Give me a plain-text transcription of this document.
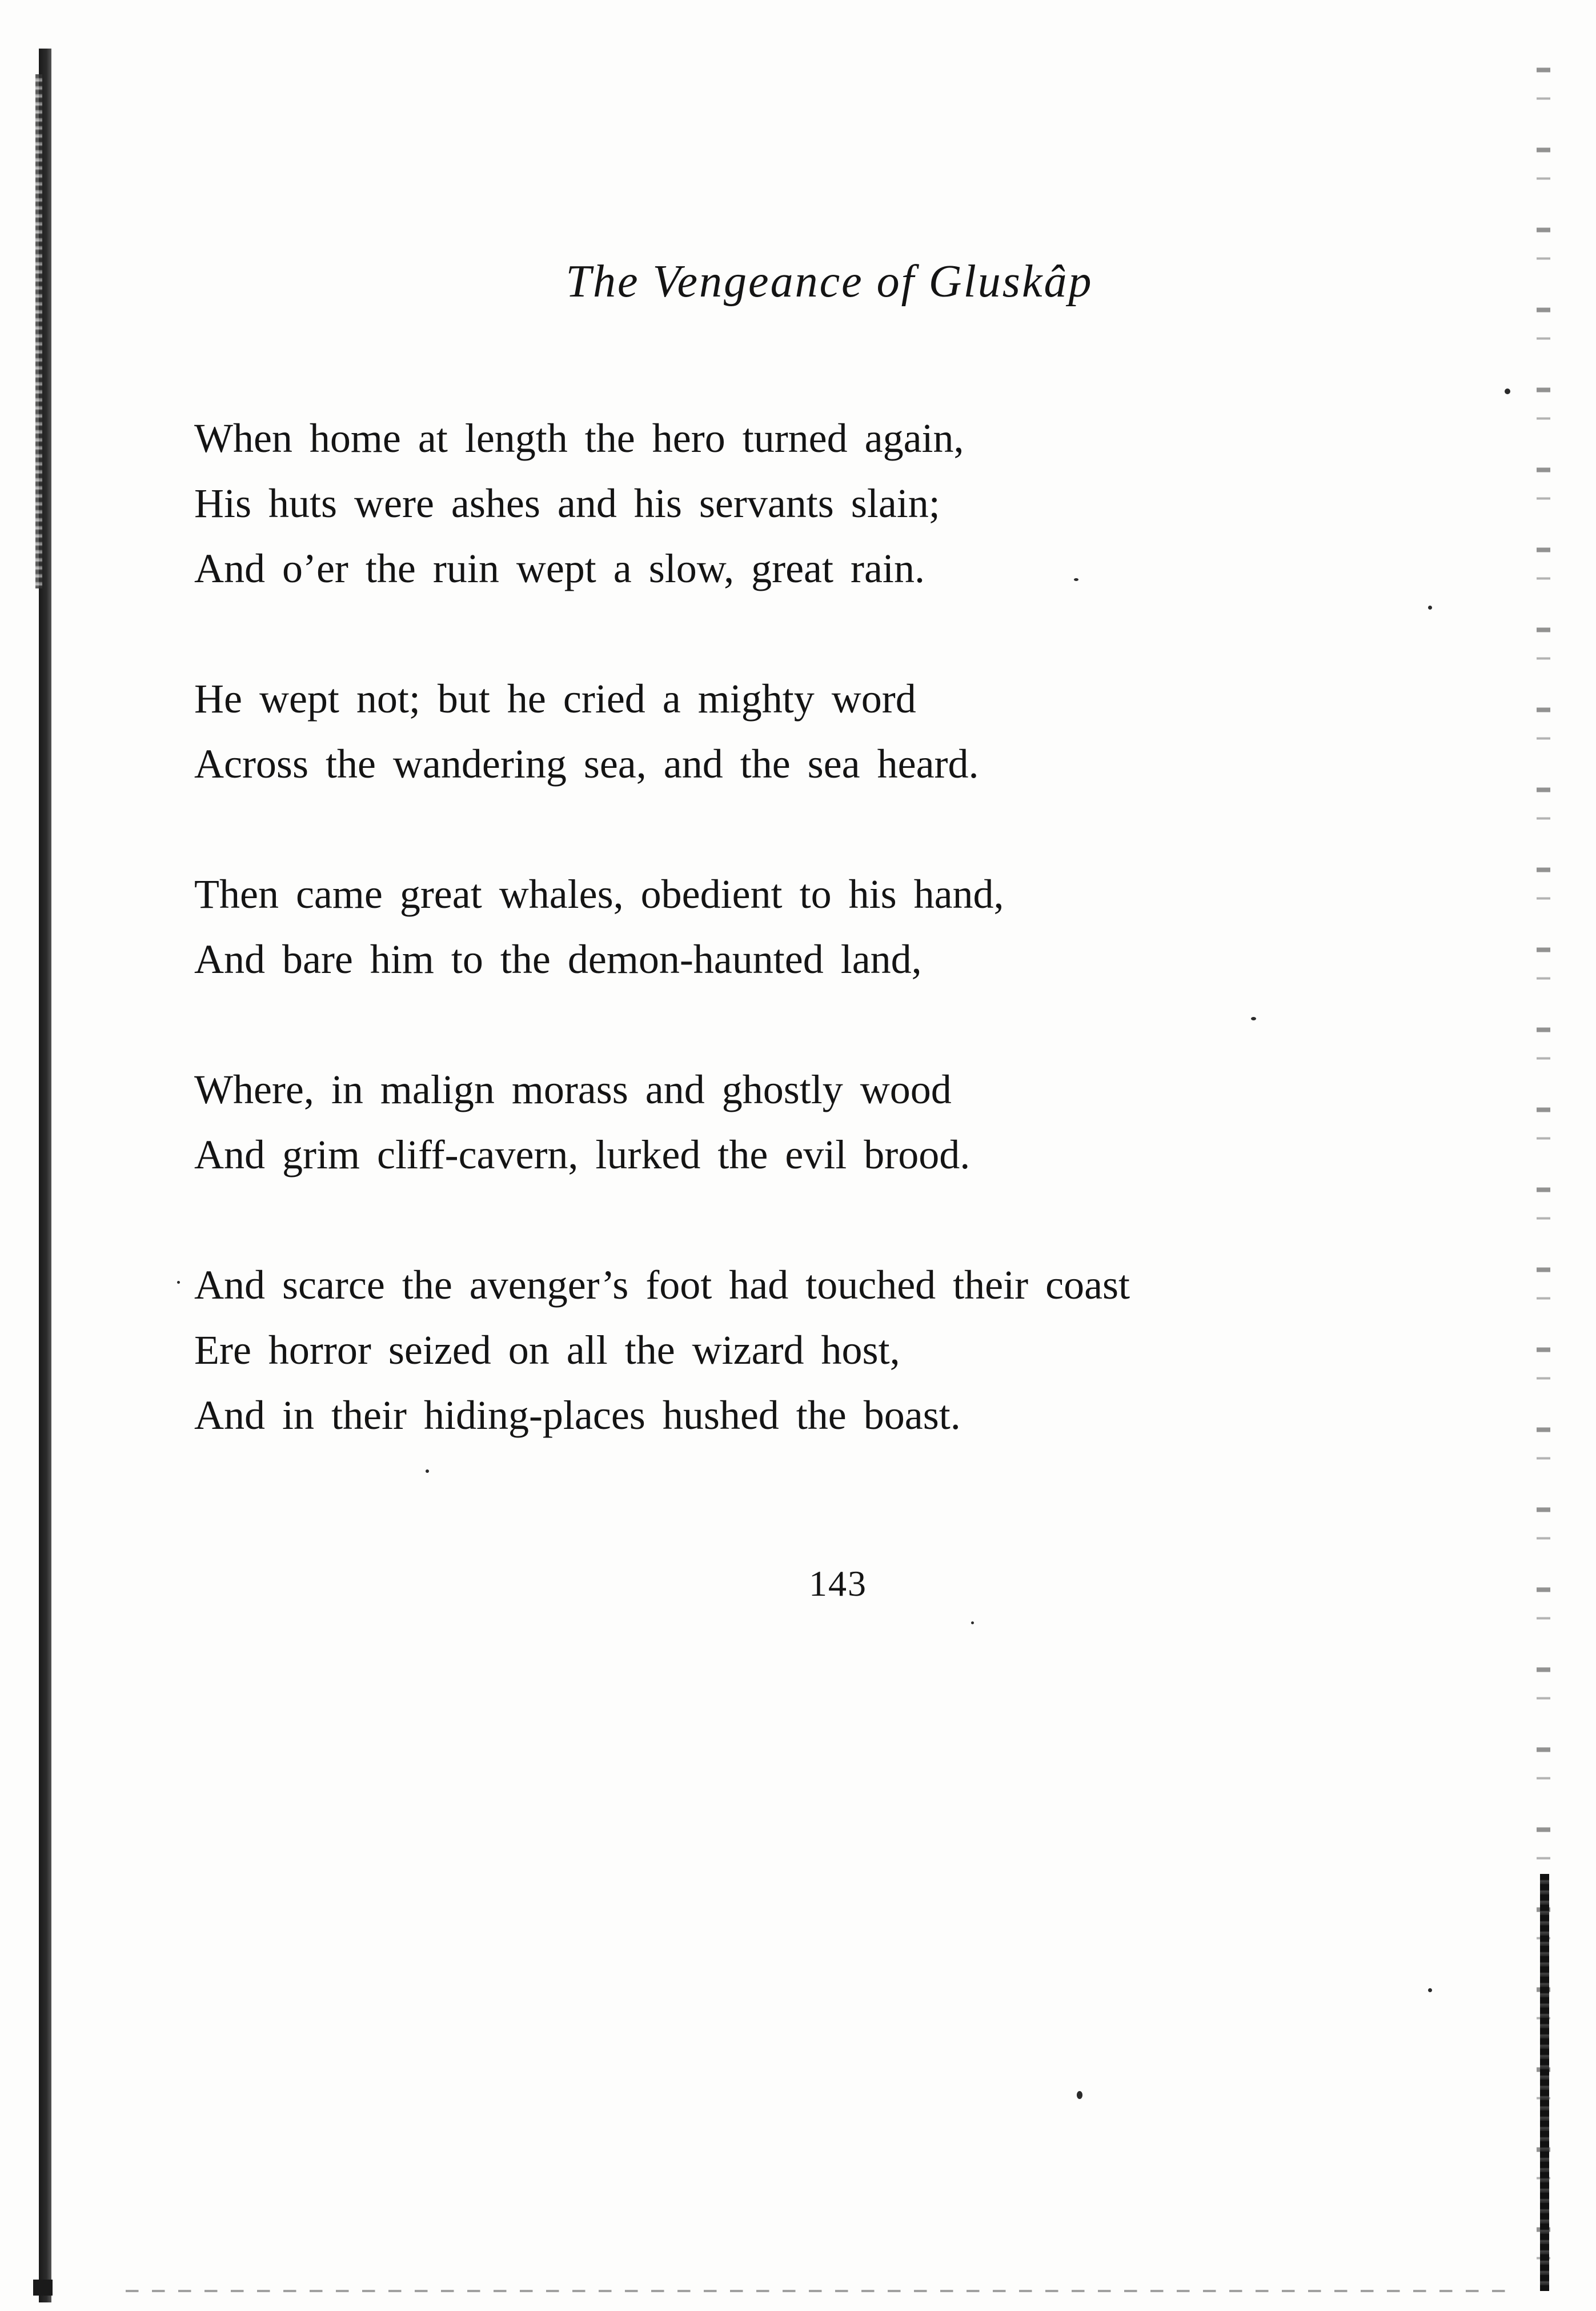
The Vengeance of Gluskâp
When home at length the hero turned again,
His huts were ashes and his servants slain;
And o’er the ruin wept a slow, great rain.
He wept not; but he cried a mighty word
Across the wandering sea, and the sea heard.
Then came great whales, obedient to his hand,
And bare him to the demon-haunted land,
Where, in malign morass and ghostly wood
And grim cliff-cavern, lurked the evil brood.
And scarce the avenger’s foot had touched their coast
Ere horror seized on all the wizard host,
And in their hiding-places hushed the boast.
143
